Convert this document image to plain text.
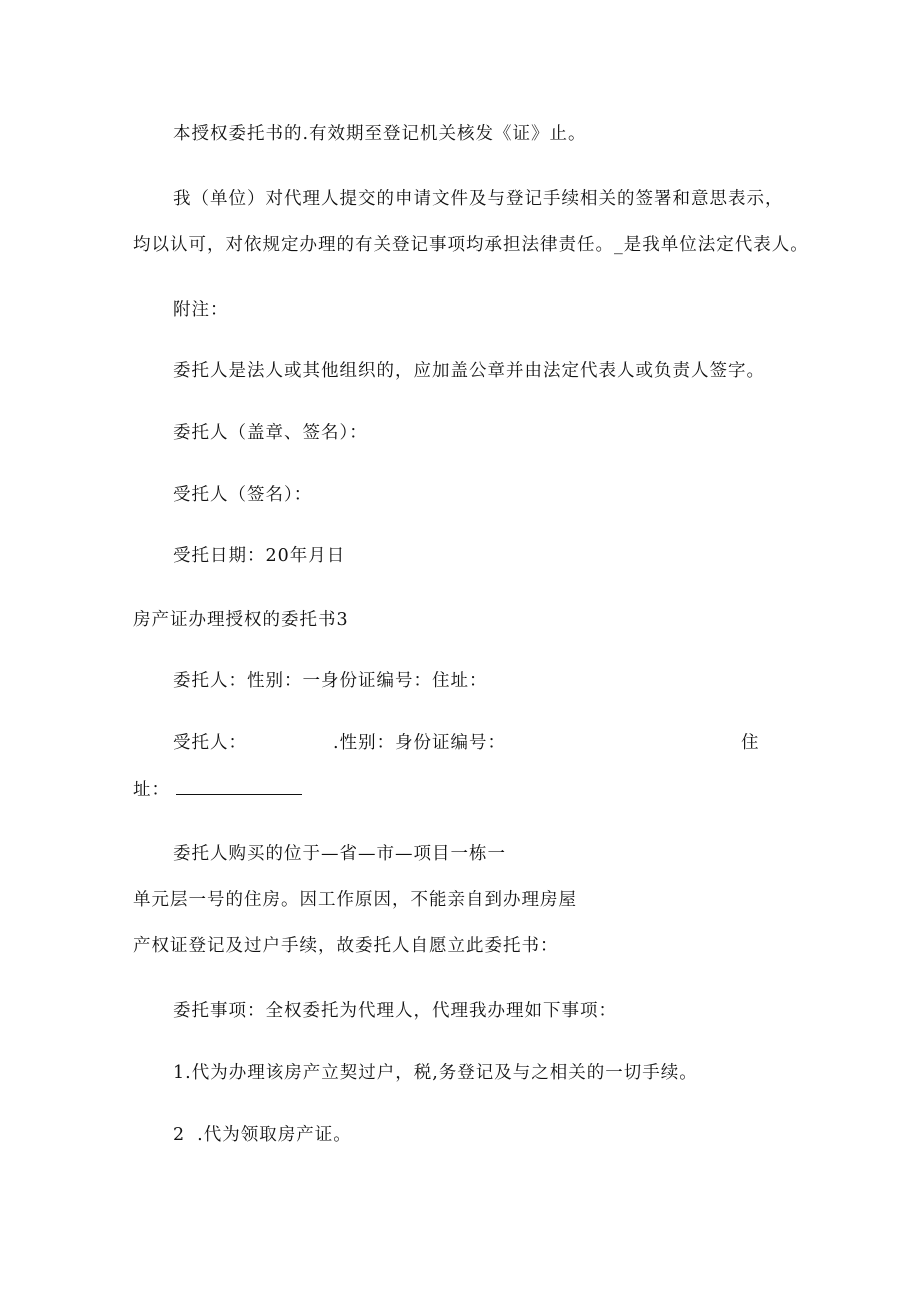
本授权委托书的.有效期至登记机关核发《证》止。
我（单位）对代理人提交的申请文件及与登记手续相关的签署和意思表示，
均以认可，对依规定办理的有关登记事项均承担法律责任。_是我单位法定代表人。
附注：
委托人是法人或其他组织的，应加盖公章并由法定代表人或负责人签字。
委托人（盖章、签名）：
受托人（签名）：
受托日期：20年月日
房产证办理授权的委托书3
委托人：性别：一身份证编号：住址：
受托人：	.性别：身份证编号：	住
址：
委托人购买的位于—省—市—项目一栋一
单元层一号的住房。因工作原因，不能亲自到办理房屋
产权证登记及过户手续，故委托人自愿立此委托书：
委托事项：全权委托为代理人，代理我办理如下事项：
1.代为办理该房产立契过户，税,务登记及与之相关的一切手续。
2 .代为领取房产证。
